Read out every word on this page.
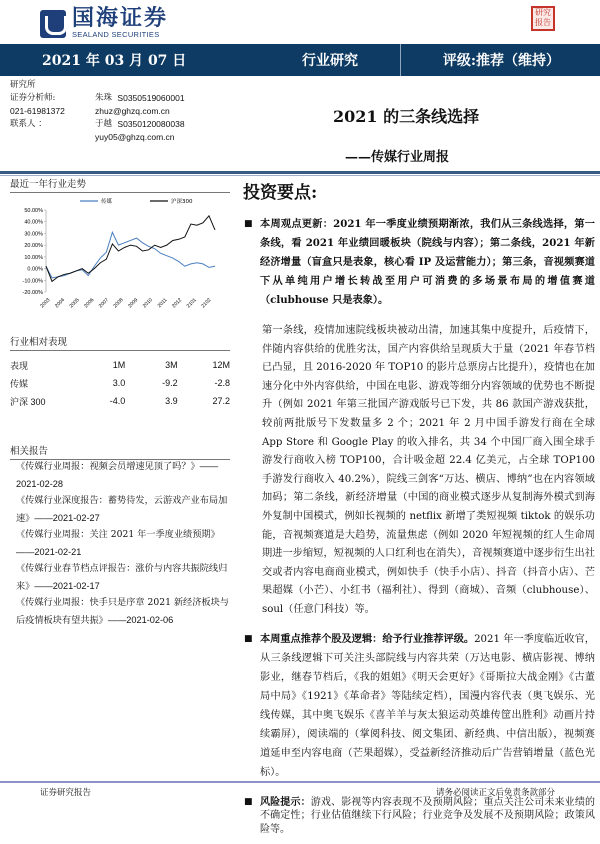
国海证券
SEALAND SECURITIES
研究报告
2021 年 03 月 07 日	行业研究	评级:推荐（维持）
研究所
证券分析师:	朱珠
S0350519060001
021-61981372	zhuz@ghzq.com.cn
联系人 ：	于越
S0350120080038
yuy05@ghzq.com.cn
2021 的三条线选择
——传媒行业周报
最近一年行业走势
-20.00%
-10.00%
0.00%
10.00%
20.00%
30.00%
40.00%
50.00%
2003 2004 2005 2006 2007 2008 2009 2010 2011 2012 2101 2102
传媒	沪深300
行业相对表现
表现	1M	3M	12M
传媒	3.0	-9.2	-2.8
沪深 300	-4.0	3.9	27.2
相关报告
《传媒行业周报：视频会员增速见顶了吗？》——2021-02-28
《传媒行业深度报告：蓄势待发，云游戏产业布局加速》——2021-02-27
《传媒行业周报：关注 2021 年一季度业绩预期》——2021-02-21
《传媒行业春节档点评报告：涨价与内容共振院线归来》——2021-02-17
《传媒行业周报：快手只是序章 2021 新经济板块与后疫情板块有望共振》——2021-02-06
投资要点:
■ 本周观点更新：2021 年一季度业绩预期渐浓，我们从三条线选择，第一条线，看 2021 年业绩回暖板块（院线与内容）；第二条线，2021 年新经济增量（盲盒只是表象，核心看 IP 及运营能力）；第三条，音视频赛道下从单纯用户增长转战至用户可消费的多场景布局的增值赛道（clubhouse 只是表象）。
第一条线，疫情加速院线板块被动出清，加速其集中度提升，后疫情下，伴随内容供给的优胜劣汰，国产内容供给呈现质大于量（2021 年春节档已凸显，且 2016-2020 年 TOP10 的影片总票房占比提升），疫情也在加速分化中外内容供给，中国在电影、游戏等细分内容领域的优势也不断提升（例如 2021 年第三批国产游戏版号已下发，共 86 款国产游戏获批，较前两批版号下发数量多 2 个；2021 年 2 月中国手游发行商在全球 App Store 和 Google Play 的收入排名，共 34 个中国厂商入围全球手游发行商收入榜 TOP100，合计吸金超 22.4 亿美元，占全球 TOP100 手游发行商收入 40.2%），院线三剑客“万达、横店、博纳”也在内容领域加码；第二条线，新经济增量（中国的商业模式逐步从复制海外模式到海外复制中国模式，例如长视频的 netflix 新增了类短视频 tiktok 的娱乐功能，音视频赛道是大趋势，流量焦虑（例如 2020 年短视频的红人生命周期进一步缩短，短视频的人口红利也在消失），音视频赛道中逐步衍生出社交或者内容电商商业模式，例如快手（快手小店）、抖音（抖音小店）、芒果超媒（小芒）、小红书（福利社）、得到（商城）、音频（clubhouse）、soul（任意门科技）等。
■ 本周重点推荐个股及逻辑：给予行业推荐评级。2021 年一季度临近收官，从三条线逻辑下可关注头部院线与内容共荣（万达电影、横店影视、博纳影业，继春节档后，《我的姐姐》《明天会更好》《哥斯拉大战金刚》《古董局中局》《1921》《革命者》等陆续定档），国漫内容代表（奥飞娱乐、光线传媒，其中奥飞娱乐《喜羊羊与灰太狼运动英雄传筐出胜利》动画片持续霸屏），阅读端的（掌阅科技、阅文集团、新经典、中信出版），视频赛道延申至内容电商（芒果超媒），受益新经济推动后广告营销增量（蓝色光标）。
■ 风险提示：游戏、影视等内容表现不及预期风险；重点关注公司未来业绩的不确定性；行业估值继续下行风险；行业竞争及发展不及预期风险；政策风险等。
证券研究报告	请务必阅读正文后免责条款部分
